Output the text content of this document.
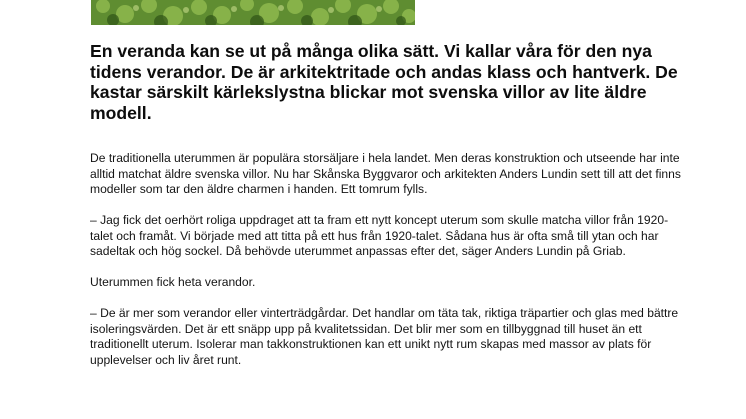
En veranda kan se ut på många olika sätt. Vi kallar våra för den nya tidens verandor. De är arkitektritade och andas klass och hantverk. De kastar särskilt kärlekslystna blickar mot svenska villor av lite äldre modell.

De traditionella uterummen är populära storsäljare i hela landet. Men deras konstruktion och utseende har inte alltid matchat äldre svenska villor. Nu har Skånska Byggvaror och arkitekten Anders Lundin sett till att det finns modeller som tar den äldre charmen i handen. Ett tomrum fylls.

– Jag fick det oerhört roliga uppdraget att ta fram ett nytt koncept uterum som skulle matcha villor från 1920-talet och framåt. Vi började med att titta på ett hus från 1920-talet. Sådana hus är ofta små till ytan och har sadeltak och hög sockel. Då behövde uterummet anpassas efter det, säger Anders Lundin på Griab.

Uterummen fick heta verandor.

– De är mer som verandor eller vinterträdgårdar. Det handlar om täta tak, riktiga träpartier och glas med bättre isoleringsvärden. Det är ett snäpp upp på kvalitetssidan. Det blir mer som en tillbyggnad till huset än ett traditionellt uterum. Isolerar man takkonstruktionen kan ett unikt nytt rum skapas med massor av plats för upplevelser och liv året runt.
